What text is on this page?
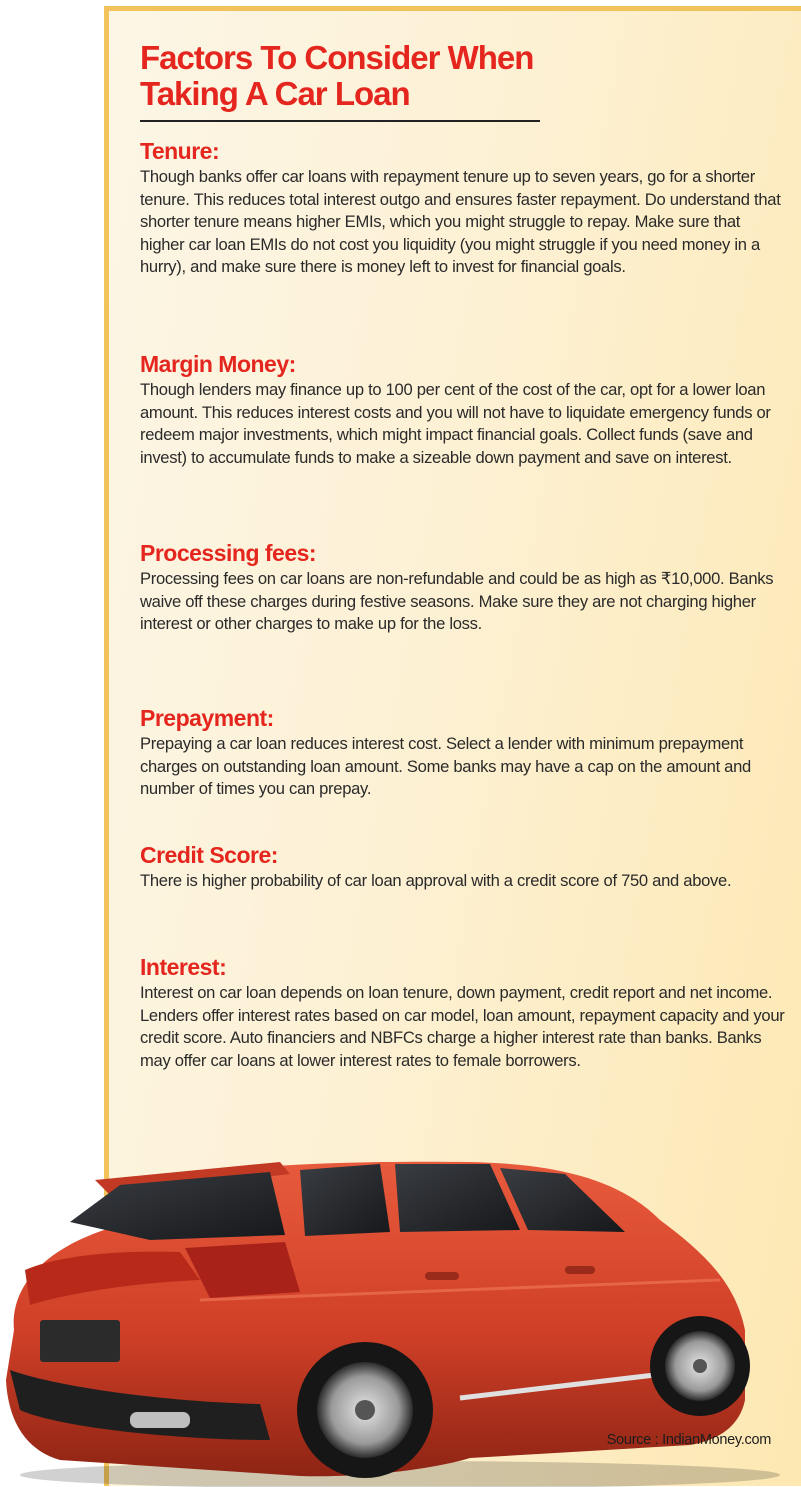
Factors To Consider When Taking A Car Loan
Tenure:

Though banks offer car loans with repayment tenure up to seven years, go for a shorter tenure. This reduces total interest outgo and ensures faster repayment. Do understand that shorter tenure means higher EMIs, which you might struggle to repay. Make sure that higher car loan EMIs do not cost you liquidity (you might struggle if you need money in a hurry), and make sure there is money left to invest for financial goals.

Margin Money:

Though lenders may finance up to 100 per cent of the cost of the car, opt for a lower loan amount. This reduces interest costs and you will not have to liquidate emergency funds or redeem major investments, which might impact financial goals. Collect funds (save and invest) to accumulate funds to make a sizeable down payment and save on interest.

Processing fees:

Processing fees on car loans are non-refundable and could be as high as ₹10,000. Banks waive off these charges during festive seasons. Make sure they are not charging higher interest or other charges to make up for the loss.

Prepayment:

Prepaying a car loan reduces interest cost. Select a lender with minimum prepayment charges on outstanding loan amount. Some banks may have a cap on the amount and number of times you can prepay.

Credit Score:

There is higher probability of car loan approval with a credit score of 750 and above.

Interest:

Interest on car loan depends on loan tenure, down payment, credit report and net income. Lenders offer interest rates based on car model, loan amount, repayment capacity and your credit score. Auto financiers and NBFCs charge a higher interest rate than banks. Banks may offer car loans at lower interest rates to female borrowers.

Source : IndianMoney.com
